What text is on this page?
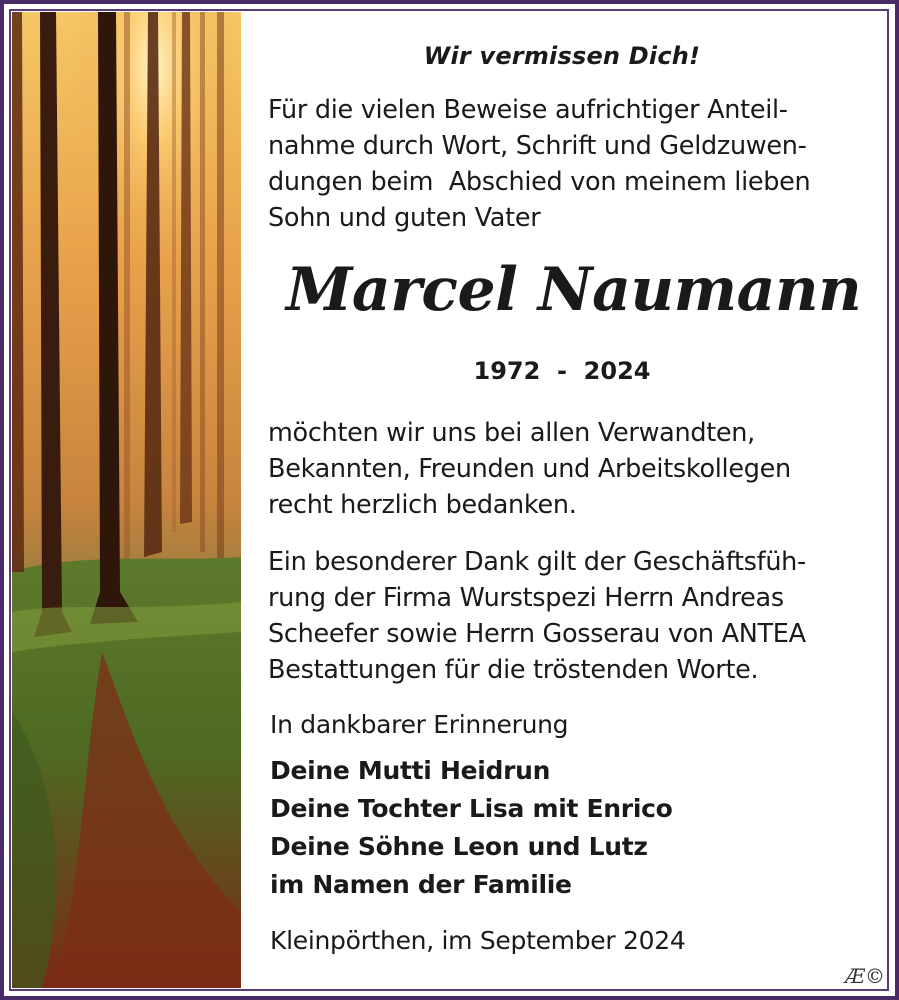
Wir vermissen Dich!
Für die vielen Beweise aufrichtiger Anteil-
nahme durch Wort, Schrift und Geldzuwen-
dungen beim  Abschied von meinem lieben
Sohn und guten Vater
Marcel Naumann
1972  -  2024
möchten wir uns bei allen Verwandten,
Bekannten, Freunden und Arbeitskollegen
recht herzlich bedanken.
Ein besonderer Dank gilt der Geschäftsfüh-
rung der Firma Wurstspezi Herrn Andreas
Scheefer sowie Herrn Gosserau von ANTEA
Bestattungen für die tröstenden Worte.
In dankbarer Erinnerung
Deine Mutti Heidrun
Deine Tochter Lisa mit Enrico
Deine Söhne Leon und Lutz
im Namen der Familie
Kleinpörthen, im September 2024
Æ©
